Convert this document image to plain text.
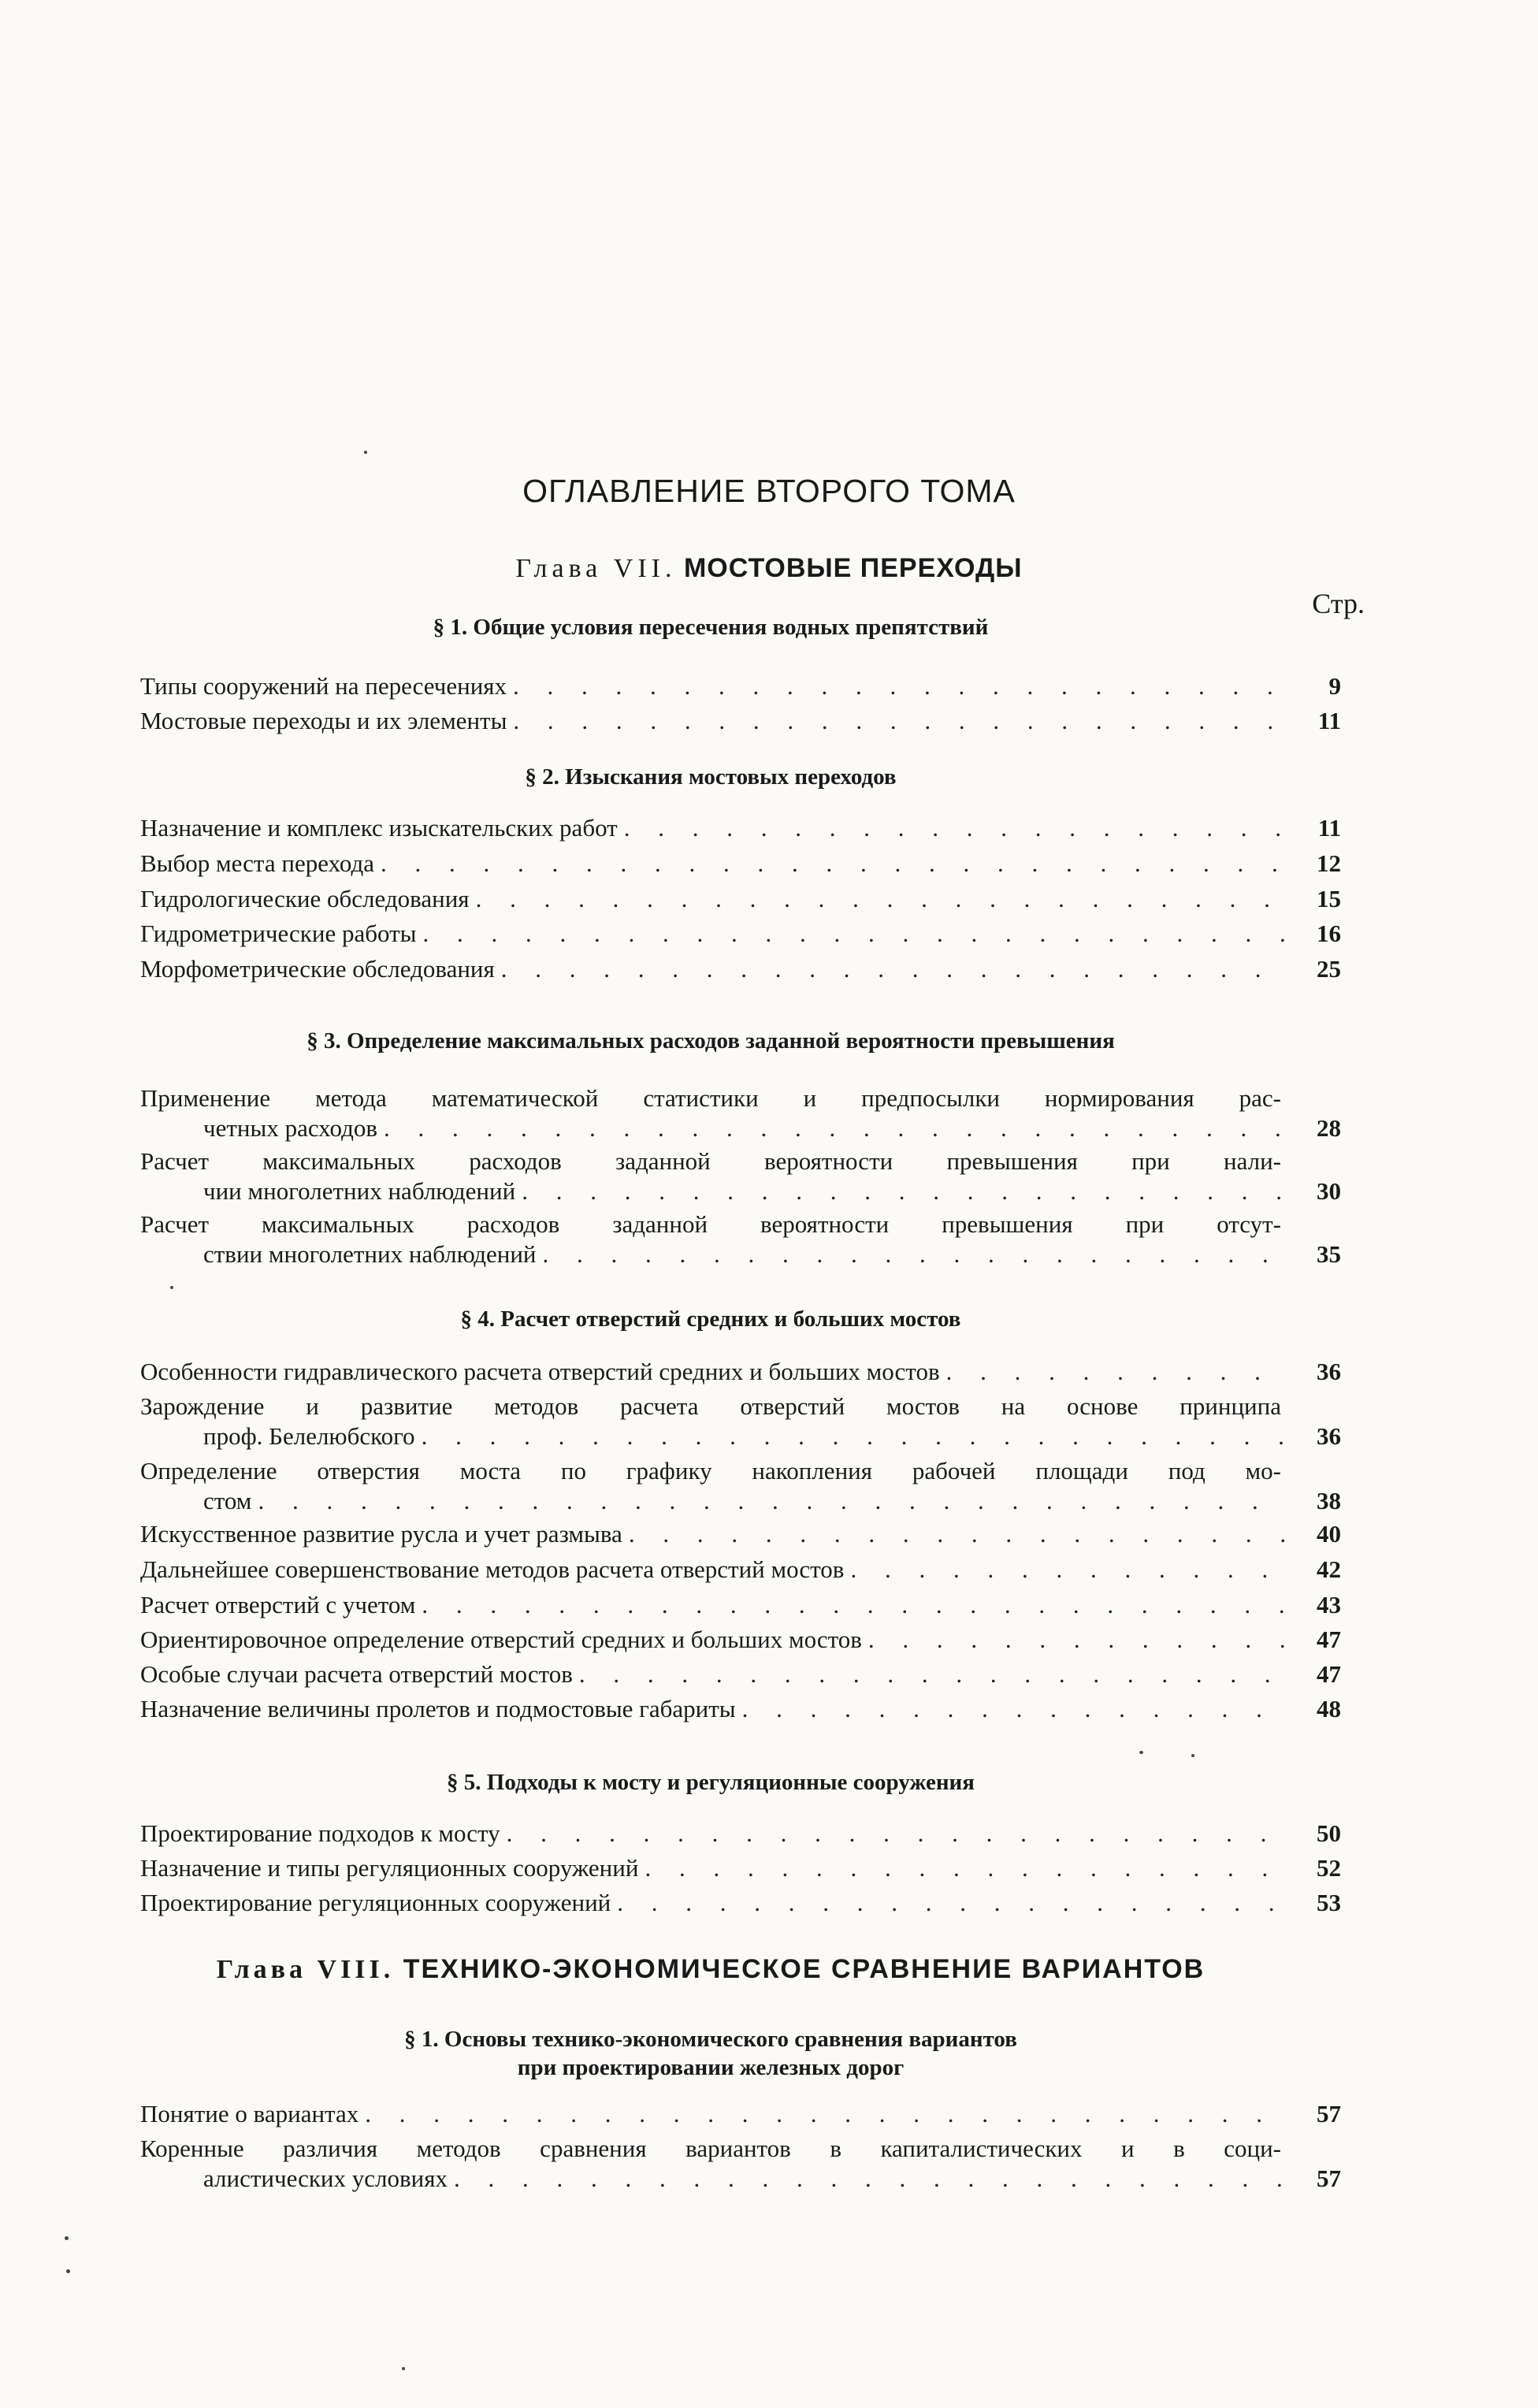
ОГЛАВЛЕНИЕ ВТОРОГО ТОМА
Глава VII. МОСТОВЫЕ ПЕРЕХОДЫ
Стр.
§ 1. Общие условия пересечения водных препятствий
Типы сооружений на пересечениях . . .	9
Мостовые переходы и их элементы . . .	11
§ 2. Изыскания мостовых переходов
Назначение и комплекс изыскательских работ . . .	11
Выбор места перехода . . .	12
Гидрологические обследования . . .	15
Гидрометрические работы . . .	16
Морфометрические обследования . . .	25
§ 3. Определение максимальных расходов заданной вероятности превышения
Применение метода математической статистики и предпосылки нормирования рас-
четных расходов . . .	28
Расчет максимальных расходов заданной вероятности превышения при нали-
чии многолетних наблюдений . . .	30
Расчет максимальных расходов заданной вероятности превышения при отсут-
ствии многолетних наблюдений . . .	35
§ 4. Расчет отверстий средних и больших мостов
Особенности гидравлического расчета отверстий средних и больших мостов . . .	36
Зарождение и развитие методов расчета отверстий мостов на основе принципа
проф. Белелюбского . . .	36
Определение отверстия моста по графику накопления рабочей площади под мо-
стом . . .	38
Искусственное развитие русла и учет размыва . . .	40
Дальнейшее совершенствование методов расчета отверстий мостов . . .	42
Расчет отверстий с учетом . . .	43
Ориентировочное определение отверстий средних и больших мостов . . .	47
Особые случаи расчета отверстий мостов . . .	47
Назначение величины пролетов и подмостовые габариты . . .	48
§ 5. Подходы к мосту и регуляционные сооружения
Проектирование подходов к мосту . . .	50
Назначение и типы регуляционных сооружений . . .	52
Проектирование регуляционных сооружений . . .	53
Глава VIII. ТЕХНИКО-ЭКОНОМИЧЕСКОЕ СРАВНЕНИЕ ВАРИАНТОВ
§ 1. Основы технико-экономического сравнения вариантов
при проектировании железных дорог
Понятие о вариантах . . .	57
Коренные различия методов сравнения вариантов в капиталистических и в соци-
алистических условиях . . .	57
